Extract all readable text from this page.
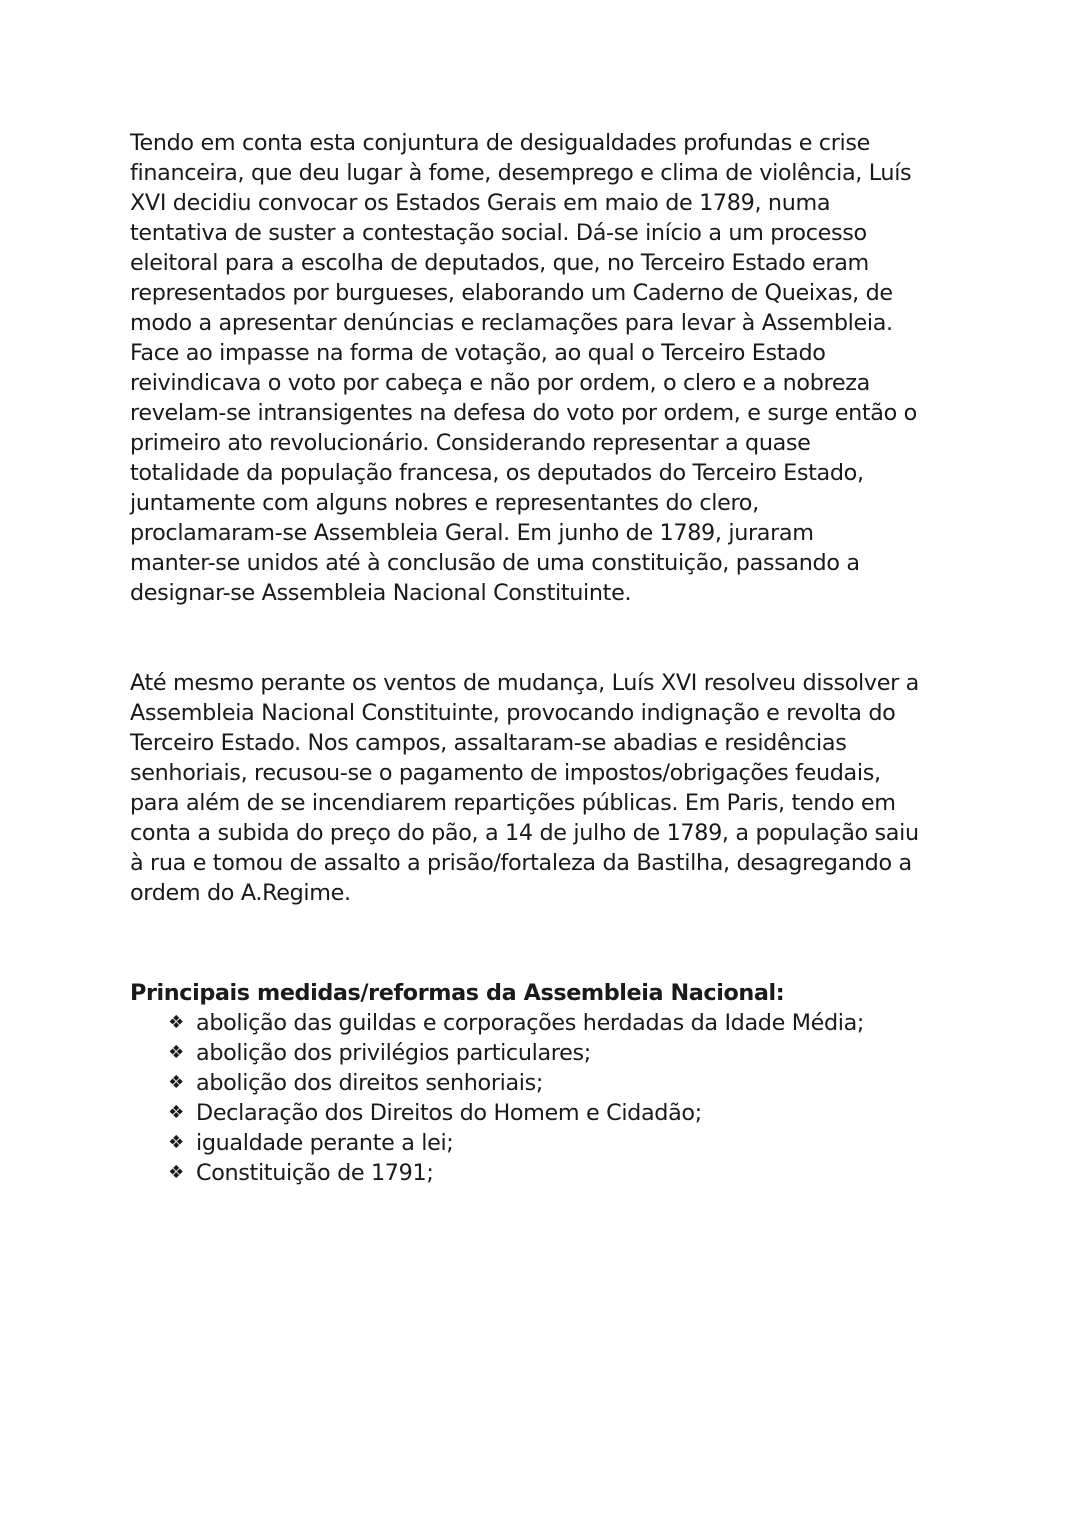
Tendo em conta esta conjuntura de desigualdades profundas e crise
financeira, que deu lugar à fome, desemprego e clima de violência, Luís
XVI decidiu convocar os Estados Gerais em maio de 1789, numa
tentativa de suster a contestação social. Dá-se início a um processo
eleitoral para a escolha de deputados, que, no Terceiro Estado eram
representados por burgueses, elaborando um Caderno de Queixas, de
modo a apresentar denúncias e reclamações para levar à Assembleia.
Face ao impasse na forma de votação, ao qual o Terceiro Estado
reivindicava o voto por cabeça e não por ordem, o clero e a nobreza
revelam-se intransigentes na defesa do voto por ordem, e surge então o
primeiro ato revolucionário. Considerando representar a quase
totalidade da população francesa, os deputados do Terceiro Estado,
juntamente com alguns nobres e representantes do clero,
proclamaram-se Assembleia Geral. Em junho de 1789, juraram
manter-se unidos até à conclusão de uma constituição, passando a
designar-se Assembleia Nacional Constituinte.

Até mesmo perante os ventos de mudança, Luís XVI resolveu dissolver a
Assembleia Nacional Constituinte, provocando indignação e revolta do
Terceiro Estado. Nos campos, assaltaram-se abadias e residências
senhoriais, recusou-se o pagamento de impostos/obrigações feudais,
para além de se incendiarem repartições públicas. Em Paris, tendo em
conta a subida do preço do pão, a 14 de julho de 1789, a população saiu
à rua e tomou de assalto a prisão/fortaleza da Bastilha, desagregando a
ordem do A.Regime.

Principais medidas/reformas da Assembleia Nacional:
❖ abolição das guildas e corporações herdadas da Idade Média;
❖ abolição dos privilégios particulares;
❖ abolição dos direitos senhoriais;
❖ Declaração dos Direitos do Homem e Cidadão;
❖ igualdade perante a lei;
❖ Constituição de 1791;
